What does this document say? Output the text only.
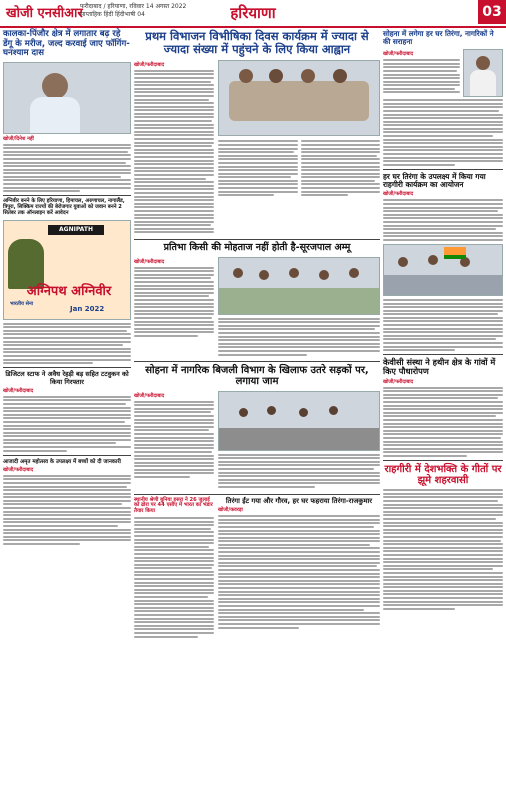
खोजी एनसीआर
फरीदाबाद / हरियाणा, रविवार 14 अगस्त 2022
साप्ताहिक हिंदी हिंदीभाषी 04	हरियाणा	03
कालका-पिंजौर क्षेत्र में लगातार बढ़ रहे डेंगू के मरीज, जल्द करवाई जाए फॉगिंग-घनश्याम दास
खोजी/दिनेश नहीं
अग्निवीर बनने के लिए हरियाणा, हिमाचल, अरुणाचल, नागालैंड, त्रिपुरा, सिक्किम राज्यों की बेरोजगार युवाओं को जवान बनने 2 सितंबर तक ऑनलाइन करें आवेदन
AGNIPATH
अग्निपथ अग्निवीर
भारतीय सेना
Jan 2022
डिजिटल स्टाफ ने अवैध रेहड़ी बड़ सहित टटवुकन को किया गिरफ्तार
खोजी/फरीदाबाद
आजादी अमृत महोत्सव के उपलक्ष्य में बच्चों को दी जानकारी
खोजी/फरीदाबाद
प्रथम विभाजन विभीषिका दिवस कार्यक्रम में ज्यादा से ज्यादा संख्या में पहुंचने के लिए किया आह्वान
खोजी/फरीदाबाद
प्रतिभा किसी की मोहताज नहीं होती है-सूरजपाल अम्मू
खोजी/फरीदाबाद
सोहना में नागरिक बिजली विभाग के खिलाफ उतरे सड़कों पर, लगाया जाम
खोजी/फरीदाबाद
स्थानीय श्रेणी बुनिया इसरा ने 26 जुलाई को ढोरा पर 44 एसीए में भारत का भंडार तैयार किया
तिरंगा ईंट गया और गौरव, हर घर फहराया तिरंगा-राजकुमार
खोजी/कवरड़ा
सोहना में लगेगा हर घर तिरंगा, नागरिकों ने की सराहना
खोजी/फरीदाबाद
हर घर तिरंगा के उपलक्ष्य में किया गया राहगीरी कार्यक्रम का आयोजन
खोजी/फरीदाबाद
केवीसी संस्था ने हथीन क्षेत्र के गांवों में किए पौधारोपण
खोजी/फरीदाबाद
राहगीरी में देशभक्ति के गीतों पर झूमे शहरवासी
